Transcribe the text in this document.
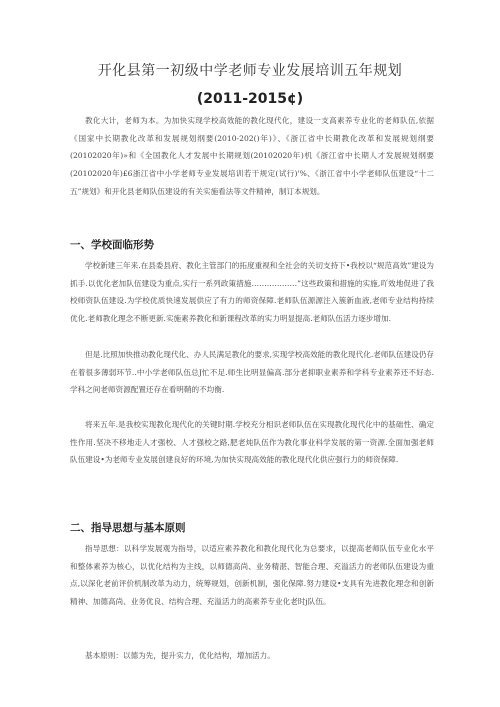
开化县第一初级中学老师专业发展培训五年规划
(2011-2015¢)

教化大计，老师为本。为加快实现学校高效能的教化现代化，建设一支高素养专业化的老师队伍,依据《国家中长期教化改革和发展规划纲要(2010-202()年)》、《浙江省中长期教化改革和发展规划纲要(20102020年)»和《全国教化人才发展中长期规划(20102020年)机《浙江省中长期人才发展规划纲要(20102020年)£6浙江省中小学老师专业发展培训若干规定(试行)'%、《浙江省中小学老师队伍建设“十二五”规划》和开化县老师队伍建设的有关实施看法等文件精神，制订本规划。

一、学校面临形势

学校新建三年来.在县委县府、教化主管部门的拓度重视和全社会的关切支持下•我校以“规范高效”建设为抓手.以优化老加队伍建设为重点,实行一系列政策措施………………”这些政策和措施的实施,吖效地促进了我校师资队伍建设.为学校优质快速发展供应了有力的师资保障.老师队伍源源注入簇新血液,老师专业结构持续优化.老师教化理念不断更新.实施素养教化和新课程改革的实力明显提高.老师队伍活力逐步增加.

但是.比照加快推动教化现代化、办人民满足教化的要求,实现学校高效能的教化现代化.老师队伍建设仍存在着很多薄弱环节..中小学老师队伍总J忙不足.师生比明显偏高.部分老抑职业素养和学科专业素养还不好态.学科之间老师资源配置还存在看明鞘的不均衡.

将来五年.是我校实现教化现代化的关键时期.学校充分相识老师队伍在实现教化现代化中的基础性、确定性作用.坚决不移地走人才强校、人才强校之路,肥老炖队伍作为教化事业科学发展的第一资源.全面加强老师队伍建设•为老师专业发展创建良好的环境,为加快实现高效能的教化现代化供应强行力的师资保障.

二、指导思想与基本原则

指导思想：以科学发展观为指导，以适应素养教化和教化现代化为总要求，以提高老师队伍专业化水平和整体素养为核心，以优化结构为主线，以师德高尚、业务精湛、智能合理、充溢活力的老师队伍建设为重点,以深化老前评价机制改革为动力，统筹规划，创新机制，强化保障.努力建设•支具有先进教化理念和创新精神、加德高尚、业务优良、结构合理、充溢活力的高素养专业化老时j队伍。

基本原则：以德为先，提升实力，优化结构，增加活力。
